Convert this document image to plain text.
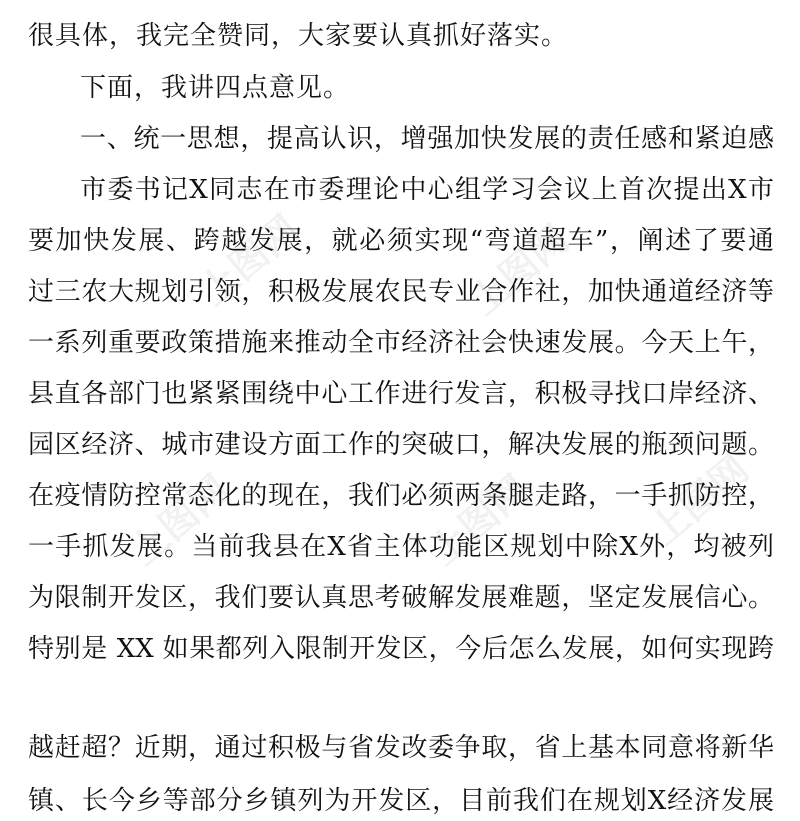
上图网	上图网
上图网	上图网	上图网
很具体，我完全赞同，大家要认真抓好落实。
下面，我讲四点意见。
一、统一思想，提高认识，增强加快发展的责任感和紧迫感
市委书记X同志在市委理论中心组学习会议上首次提出X市
要加快发展、跨越发展，就必须实现“弯道超车”，阐述了要通
过三农大规划引领，积极发展农民专业合作社，加快通道经济等
一系列重要政策措施来推动全市经济社会快速发展。今天上午，
县直各部门也紧紧围绕中心工作进行发言，积极寻找口岸经济、
园区经济、城市建设方面工作的突破口，解决发展的瓶颈问题。
在疫情防控常态化的现在，我们必须两条腿走路，一手抓防控，
一手抓发展。当前我县在X省主体功能区规划中除X外，均被列
为限制开发区，我们要认真思考破解发展难题，坚定发展信心。
特别是 XX 如果都列入限制开发区，今后怎么发展，如何实现跨
越赶超？近期，通过积极与省发改委争取，省上基本同意将新华
镇、长今乡等部分乡镇列为开发区，目前我们在规划X经济发展
